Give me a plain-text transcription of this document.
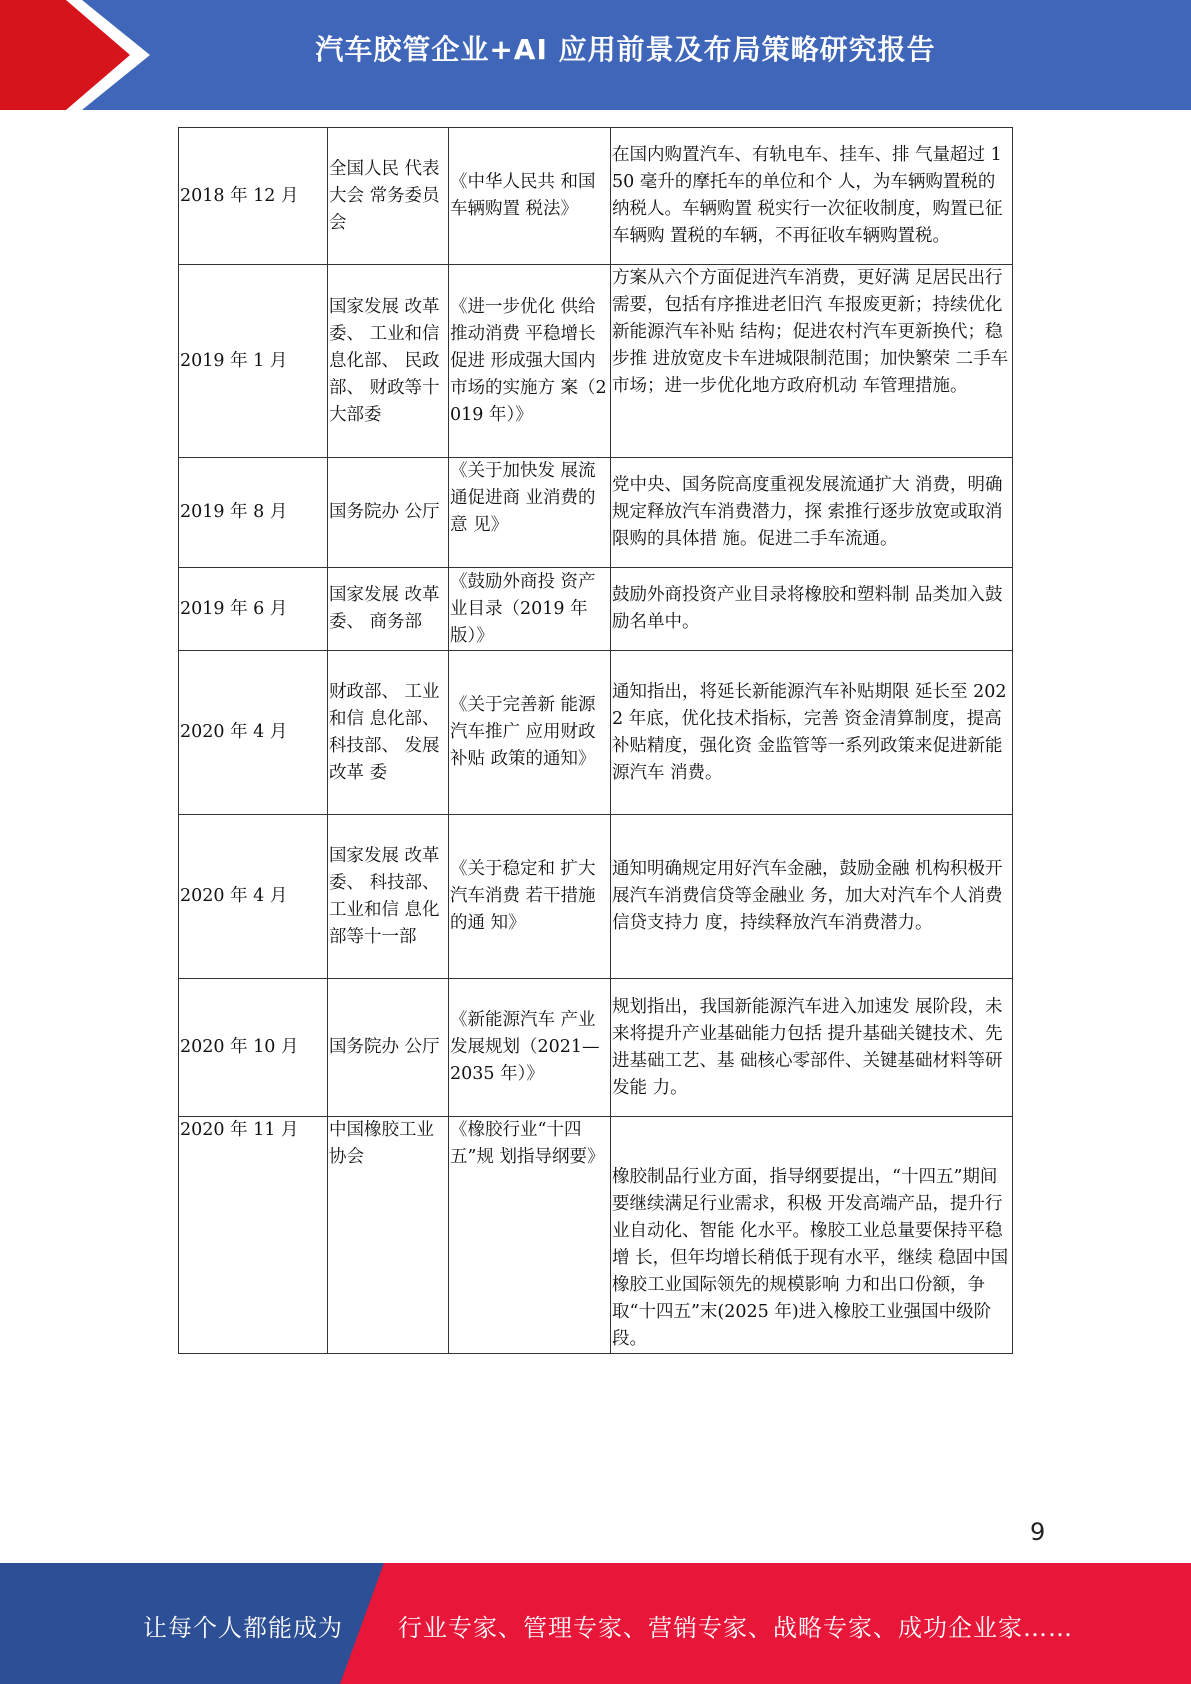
汽车胶管企业+AI 应用前景及布局策略研究报告
2018 年 12 月	全国人民 代表大会 常务委员 会	《中华人民共 和国车辆购置 税法》	在国内购置汽车、有轨电车、挂车、排 气量超过 150 毫升的摩托车的单位和个 人，为车辆购置税的纳税人。车辆购置 税实行一次征收制度，购置已征车辆购 置税的车辆，不再征收车辆购置税。
2019 年 1 月	国家发展 改革委、 工业和信 息化部、 民政部、 财政等十 大部委	《进一步优化 供给推动消费 平稳增长促进 形成强大国内 市场的实施方 案（2019 年）》	方案从六个方面促进汽车消费，更好满 足居民出行需要，包括有序推进老旧汽 车报废更新；持续优化新能源汽车补贴 结构；促进农村汽车更新换代；稳步推 进放宽皮卡车进城限制范围；加快繁荣 二手车市场；进一步优化地方政府机动 车管理措施。
2019 年 8 月	国务院办 公厅	《关于加快发 展流通促进商 业消费的意 见》	党中央、国务院高度重视发展流通扩大 消费，明确规定释放汽车消费潜力，探 索推行逐步放宽或取消限购的具体措 施。促进二手车流通。
2019 年 6 月	国家发展 改革委、 商务部	《鼓励外商投 资产业目录（2019 年版）》	鼓励外商投资产业目录将橡胶和塑料制 品类加入鼓励名单中。
2020 年 4 月	财政部、 工业和信 息化部、 科技部、 发展改革 委	《关于完善新 能源汽车推广 应用财政补贴 政策的通知》	通知指出，将延长新能源汽车补贴期限 延长至 2022 年底，优化技术指标，完善 资金清算制度，提高补贴精度，强化资 金监管等一系列政策来促进新能源汽车 消费。
2020 年 4 月	国家发展 改革委、 科技部、 工业和信 息化部等十一部	《关于稳定和 扩大汽车消费 若干措施的通 知》	通知明确规定用好汽车金融，鼓励金融 机构积极开展汽车消费信贷等金融业 务，加大对汽车个人消费信贷支持力 度，持续释放汽车消费潜力。
2020 年 10 月	国务院办 公厅	《新能源汽车 产业发展规划（2021—2035 年）》	规划指出，我国新能源汽车进入加速发 展阶段，未来将提升产业基础能力包括 提升基础关键技术、先进基础工艺、基 础核心零部件、关键基础材料等研发能 力。
2020 年 11 月	中国橡胶工业协会	《橡胶行业“十四五”规 划指导纲要》	橡胶制品行业方面，指导纲要提出，“十四五”期间要继续满足行业需求，积极 开发高端产品，提升行业自动化、智能 化水平。橡胶工业总量要保持平稳增 长，但年均增长稍低于现有水平，继续 稳固中国橡胶工业国际领先的规模影响 力和出口份额，争取“十四五”末(2025 年)进入橡胶工业强国中级阶段。
9
让每个人都能成为 行业专家、管理专家、营销专家、战略专家、成功企业家……
